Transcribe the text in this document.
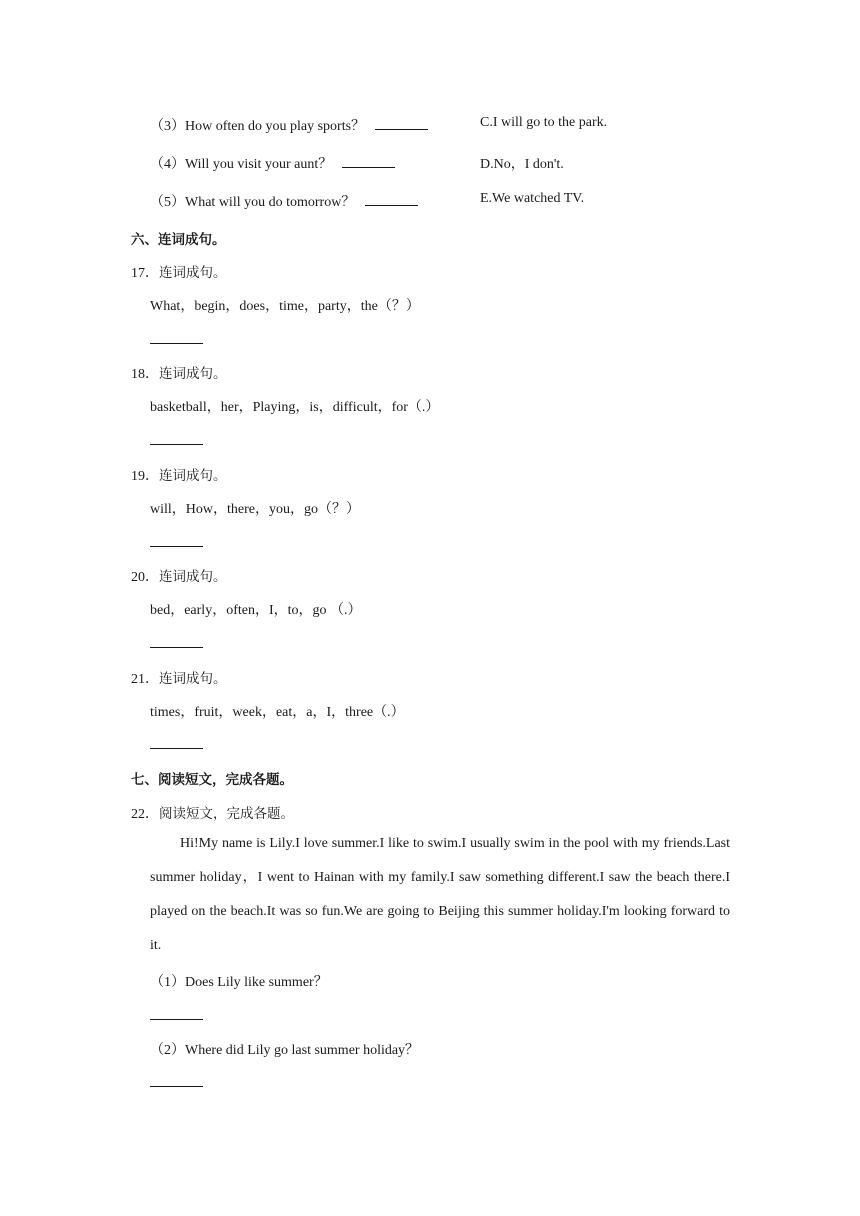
（3）How often do you play sports？	C.I will go to the park.
（4）Will you visit your aunt？	D.No，I don't.
（5）What will you do tomorrow？	E.We watched TV.
六、连词成句。
17．连词成句。
What，begin，does，time，party，the（？）
18．连词成句。
basketball，her，Playing，is，difficult，for（.）
19．连词成句。
will，How，there，you，go（？）
20．连词成句。
bed，early，often，I，to，go （.）
21．连词成句。
times，fruit，week，eat，a，I，three（.）
七、阅读短文，完成各题。
22．阅读短文，完成各题。

Hi!My name is Lily.I love summer.I like to swim.I usually swim in the pool with my friends.Last summer holiday，I went to Hainan with my family.I saw something different.I saw the beach there.I played on the beach.It was so fun.We are going to Beijing this summer holiday.I'm looking forward to it.

（1）Does Lily like summer？
（2）Where did Lily go last summer holiday？
